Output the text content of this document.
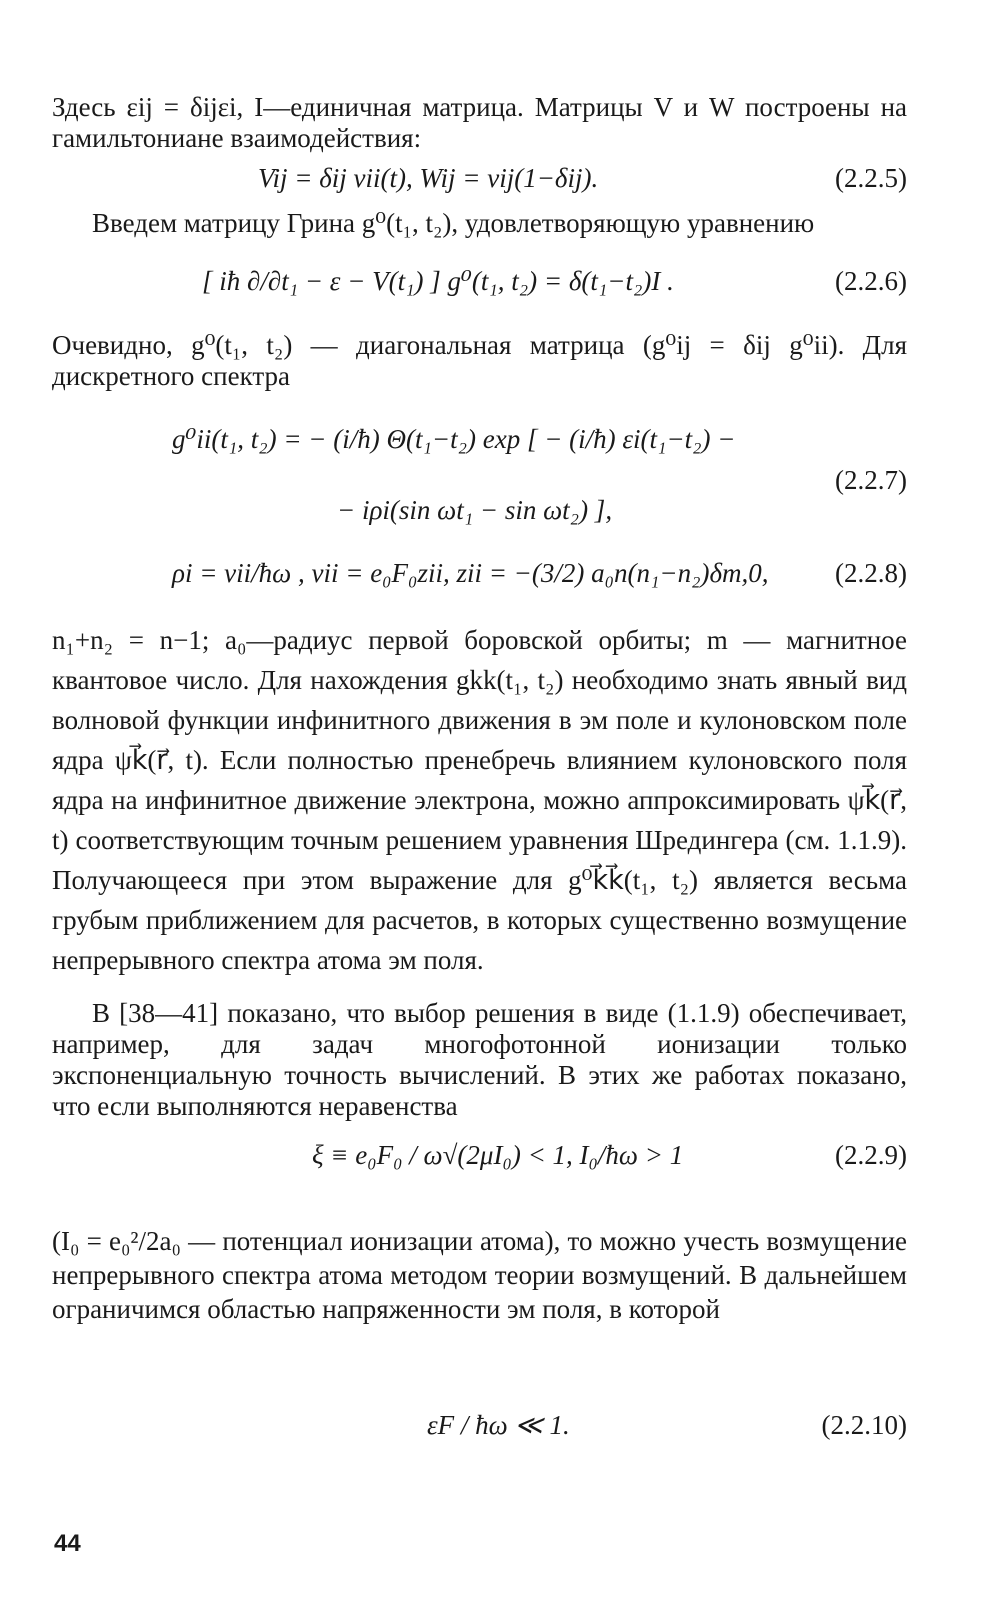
Здесь εij = δijεi, I—единичная матрица. Матрицы V и W построены на гамильтониане взаимодействия:
Vij = δij vii(t), Wij = vij(1−δij).	(2.2.5)
Введем матрицу Грина g⁰(t₁, t₂), удовлетворяющую уравнению
[ iħ ∂/∂t₁ − ε − V(t₁) ] g⁰(t₁, t₂) = δ(t₁−t₂)I .	(2.2.6)
Очевидно, g⁰(t₁, t₂) — диагональная матрица (g⁰ij = δij g⁰ii). Для дискретного спектра
g⁰ii(t₁, t₂) = − (i/ħ) Θ(t₁−t₂) exp [ − (i/ħ) εi(t₁−t₂) −
(2.2.7)
− iρi(sin ωt₁ − sin ωt₂) ],
ρi = vii/ħω , vii = e₀F₀zii, zii = −(3/2) a₀n(n₁−n₂)δm,0, (2.2.8)
n₁+n₂ = n−1; a₀—радиус первой боровской орбиты; m — магнитное квантовое число. Для нахождения gkk(t₁, t₂) необходимо знать явный вид волновой функции инфинитного движения в эм поле и кулоновском поле ядра ψk⃗(r⃗, t). Если полностью пренебречь влиянием кулоновского поля ядра на инфинитное движение электрона, можно аппроксимировать ψk⃗(r⃗, t) соответствующим точным решением уравнения Шредингера (см. 1.1.9). Получающееся при этом выражение для g⁰k⃗k⃗(t₁, t₂) является весьма грубым приближением для расчетов, в которых существенно возмущение непрерывного спектра атома эм поля.
В [38—41] показано, что выбор решения в виде (1.1.9) обеспечивает, например, для задач многофотонной ионизации только экспоненциальную точность вычислений. В этих же работах показано, что если выполняются неравенства
ξ ≡ e₀F₀ / ω√(2μI₀) < 1, I₀/ħω > 1	(2.2.9)
(I₀ = e₀²/2a₀ — потенциал ионизации атома), то можно учесть возмущение непрерывного спектра атома методом теории возмущений. В дальнейшем ограничимся областью напряженности эм поля, в которой
εF / ħω ≪ 1.	(2.2.10)
44
